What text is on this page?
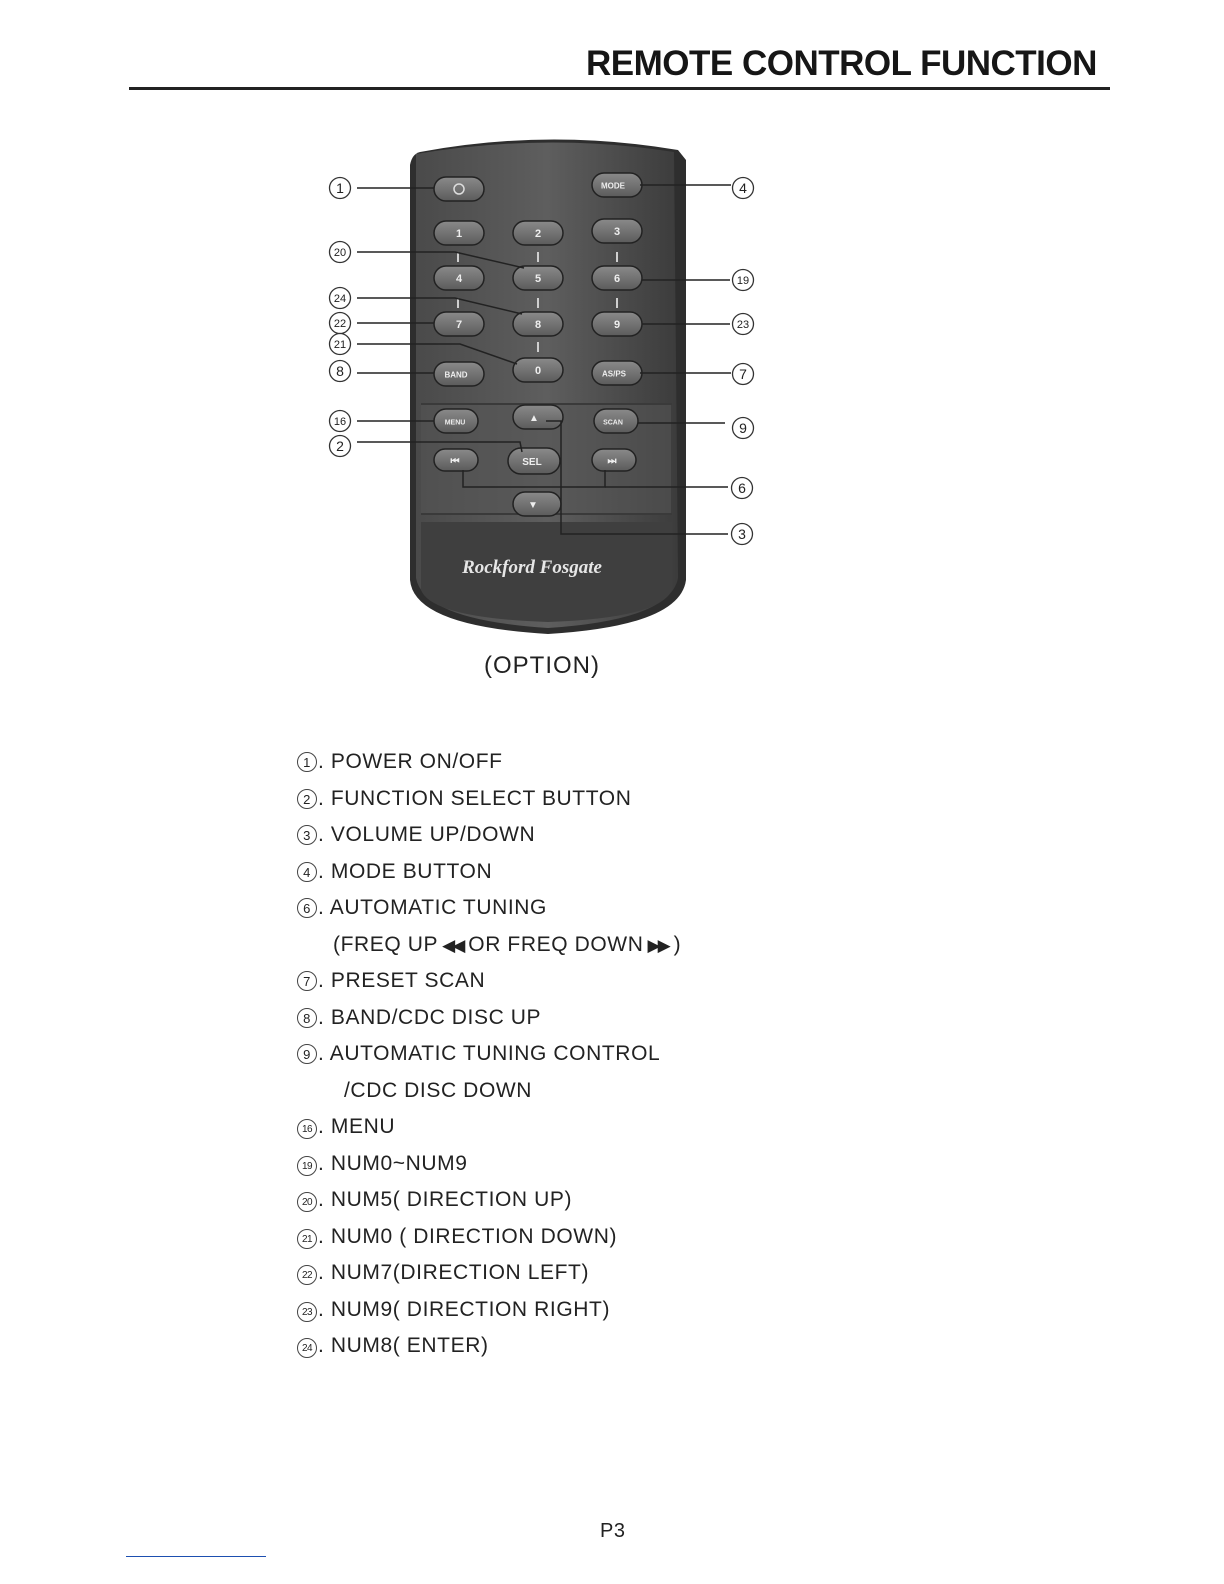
REMOTE CONTROL FUNCTION
MODE
1	2	3
4	5	6
7	8	9
0
BAND	AS/PS
MENU	▲	SCAN
⏮	SEL	⏭
▼
Rockford Fosgate
1
20
24
22
21
8
16
2
4
19
23
7
9
6
3
(OPTION)
1 . POWER ON/OFF
2 . FUNCTION SELECT BUTTON
3 . VOLUME UP/DOWN
4 . MODE BUTTON
6 . AUTOMATIC TUNING
(FREQ UP ◀◀ OR FREQ DOWN ▶▶ )
7 . PRESET SCAN
8 . BAND/CDC DISC UP
9 . AUTOMATIC TUNING CONTROL
/CDC DISC DOWN
16 . MENU
19 . NUM0~NUM9
20 . NUM5( DIRECTION UP)
21 . NUM0 ( DIRECTION DOWN)
22 . NUM7(DIRECTION LEFT)
23 . NUM9( DIRECTION RIGHT)
24 . NUM8( ENTER)
P3
